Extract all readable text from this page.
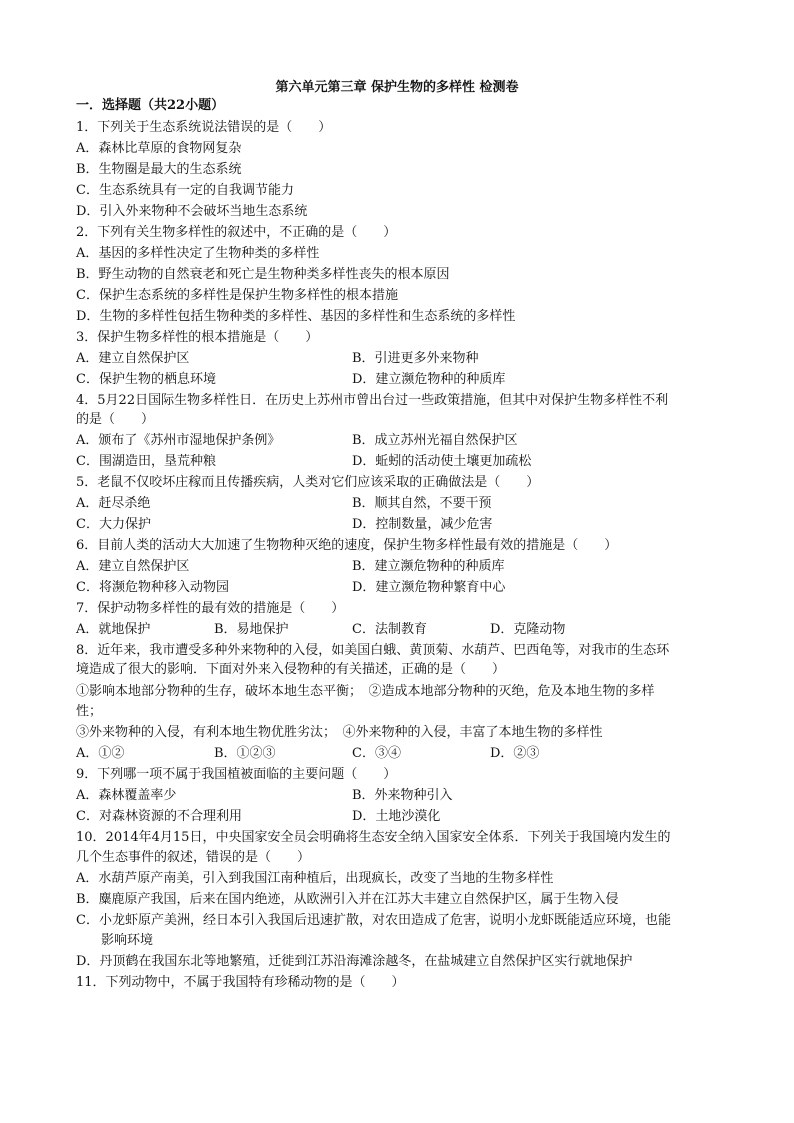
第六单元第三章 保护生物的多样性 检测卷
一．选择题（共22小题）
1．下列关于生态系统说法错误的是（　　）
A．森林比草原的食物网复杂
B．生物圈是最大的生态系统
C．生态系统具有一定的自我调节能力
D．引入外来物种不会破坏当地生态系统
2．下列有关生物多样性的叙述中，不正确的是（　　）
A．基因的多样性决定了生物种类的多样性
B．野生动物的自然衰老和死亡是生物种类多样性丧失的根本原因
C．保护生态系统的多样性是保护生物多样性的根本措施
D．生物的多样性包括生物种类的多样性、基因的多样性和生态系统的多样性
3．保护生物多样性的根本措施是（　　）
A．建立自然保护区	B．引进更多外来物种
C．保护生物的栖息环境	D．建立濒危物种的种质库
4．5月22日国际生物多样性日．在历史上苏州市曾出台过一些政策措施，但其中对保护生物多样性不利
的是（　　）
A．颁布了《苏州市湿地保护条例》	B．成立苏州光福自然保护区
C．围湖造田，垦荒种粮	D．蚯蚓的活动使土壤更加疏松
5．老鼠不仅咬坏庄稼而且传播疾病，人类对它们应该采取的正确做法是（　　）
A．赶尽杀绝	B．顺其自然，不要干预
C．大力保护	D．控制数量，减少危害
6．目前人类的活动大大加速了生物物种灭绝的速度，保护生物多样性最有效的措施是（　　）
A．建立自然保护区	B．建立濒危物种的种质库
C．将濒危物种移入动物园	D．建立濒危物种繁育中心
7．保护动物多样性的最有效的措施是（　　）
A．就地保护	B．易地保护	C．法制教育	D．克隆动物
8．近年来，我市遭受多种外来物种的入侵，如美国白蛾、黄顶菊、水葫芦、巴西龟等，对我市的生态环
境造成了很大的影响．下面对外来入侵物种的有关描述，正确的是（　　）
①影响本地部分物种的生存，破坏本地生态平衡；　②造成本地部分物种的灭绝，危及本地生物的多样
性；
③外来物种的入侵，有利本地生物优胜劣汰；　④外来物种的入侵，丰富了本地生物的多样性
A．①②	B．①②③	C．③④	D．②③
9．下列哪一项不属于我国植被面临的主要问题（　　）
A．森林覆盖率少	B．外来物种引入
C．对森林资源的不合理利用	D．土地沙漠化
10．2014年4月15日，中央国家安全员会明确将生态安全纳入国家安全体系．下列关于我国境内发生的
几个生态事件的叙述，错误的是（　　）
A．水葫芦原产南美，引入到我国江南种植后，出现疯长，改变了当地的生物多样性
B．麋鹿原产我国，后来在国内绝迹，从欧洲引入并在江苏大丰建立自然保护区，属于生物入侵
C．小龙虾原产美洲，经日本引入我国后迅速扩散，对农田造成了危害，说明小龙虾既能适应环境，也能
影响环境
D．丹顶鹤在我国东北等地繁殖，迁徙到江苏沿海滩涂越冬，在盐城建立自然保护区实行就地保护
11．下列动物中，不属于我国特有珍稀动物的是（　　）
